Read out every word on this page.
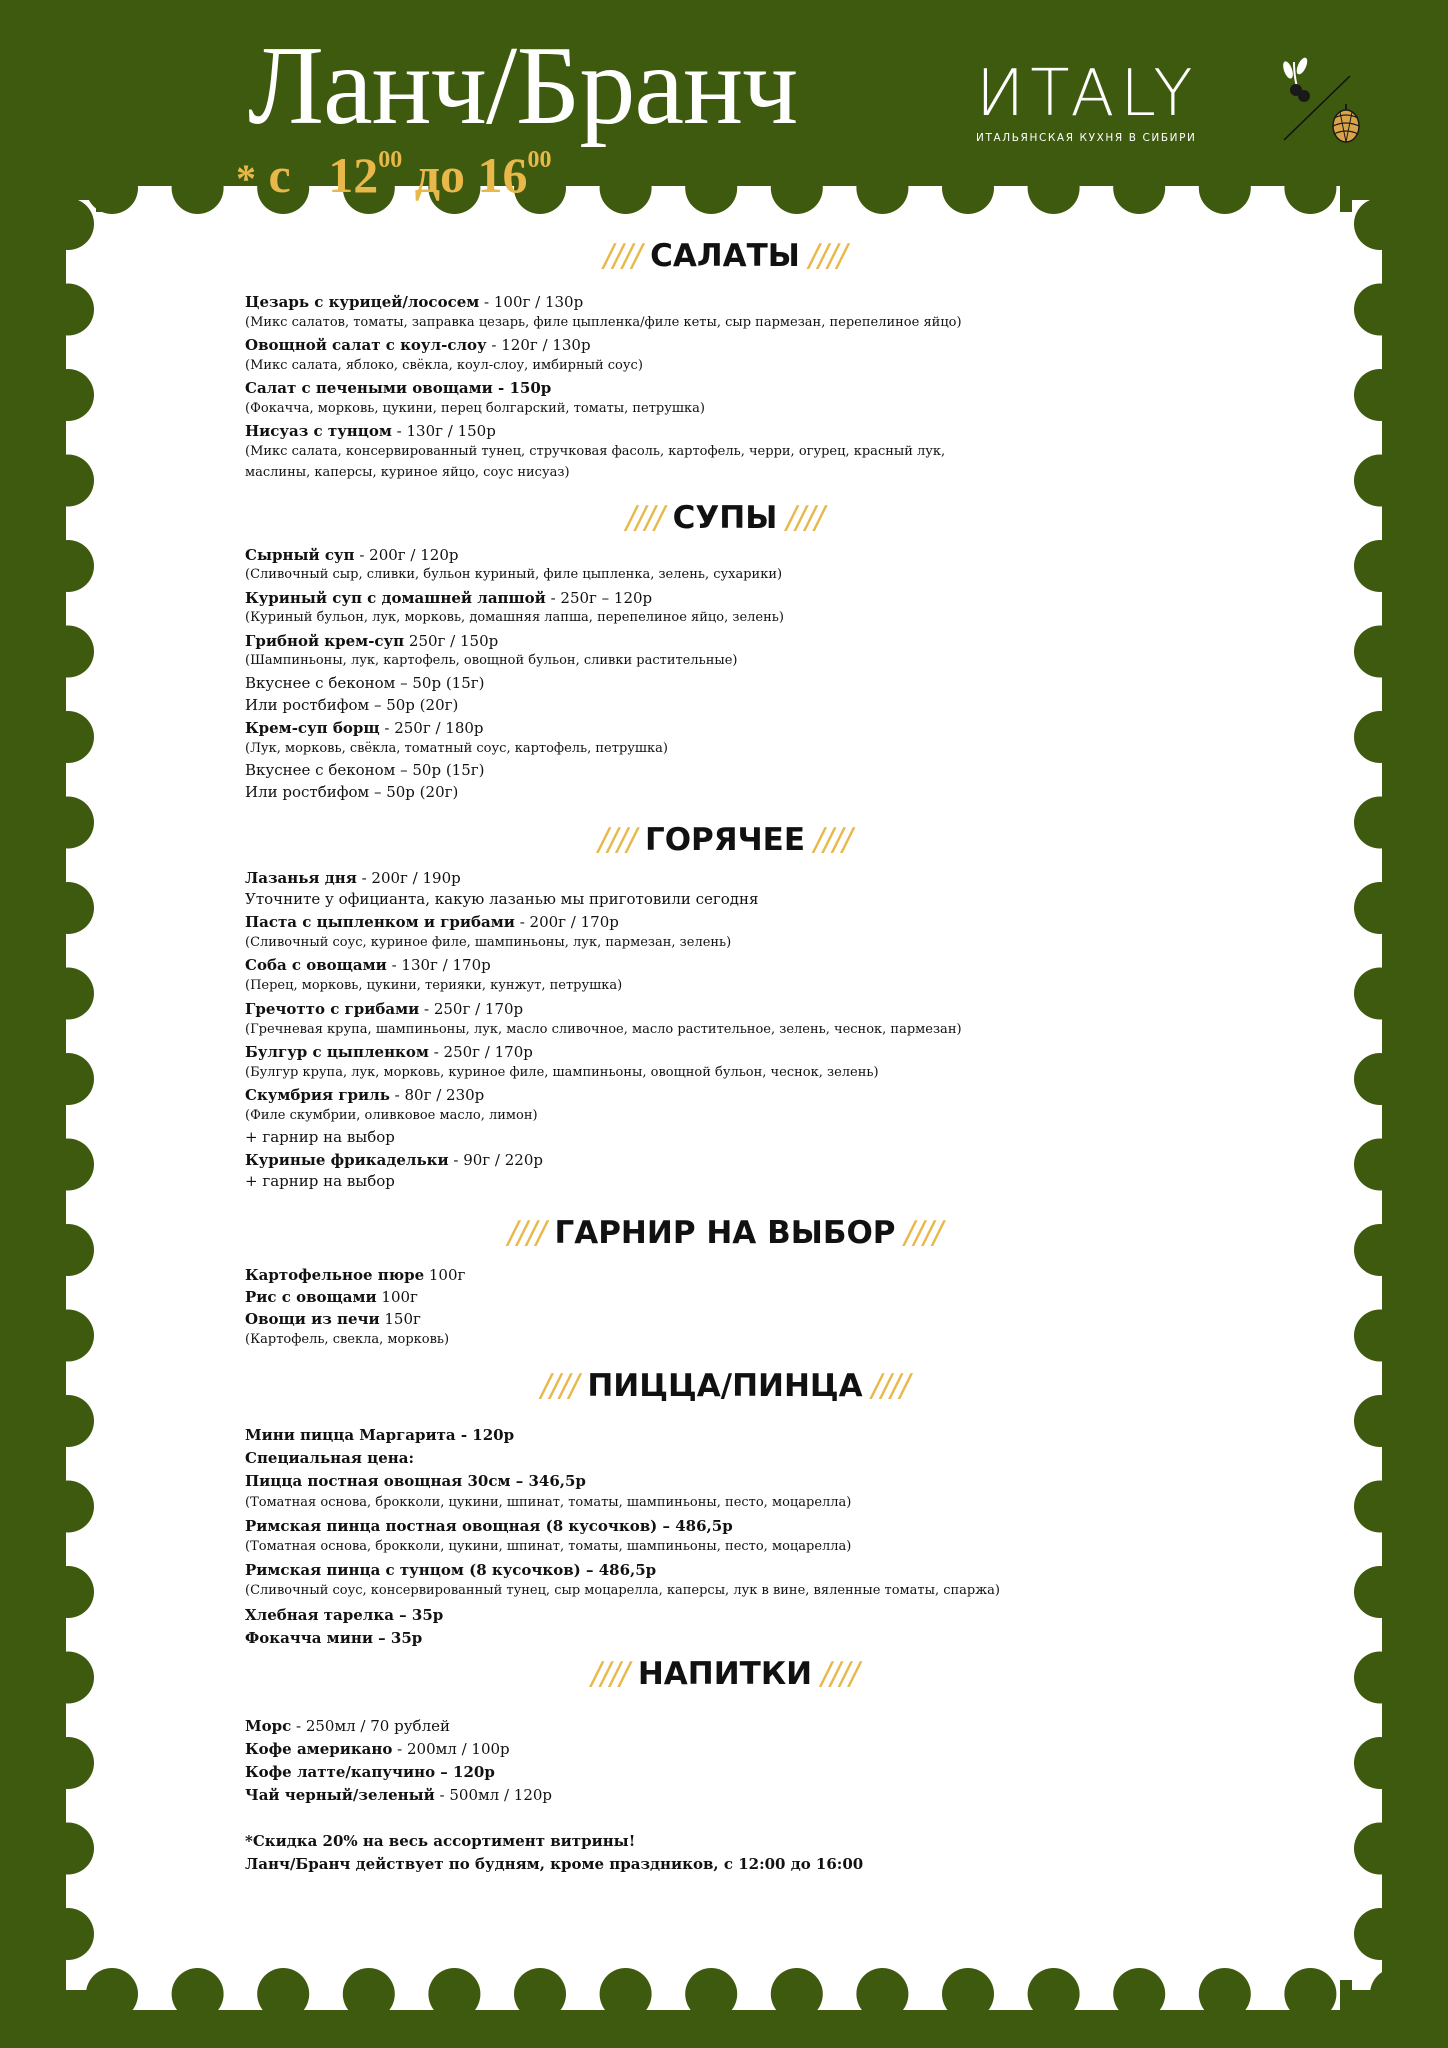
Ланч/Бранч
* с $12^{00}$ до $16^{00}$
ИTALY
ИТАЛЬЯНСКАЯ КУХНЯ В СИБИРИ
//// САЛАТЫ ////
Цезарь с курицей/лососем - 100г / 130р
(Микс салатов, томаты, заправка цезарь, филе цыпленка/филе кеты, сыр пармезан, перепелиное яйцо)
Овощной салат с коул-слоу - 120г / 130р
(Микс салата, яблоко, свёкла, коул-слоу, имбирный соус)
Салат с печеными овощами - 150р
(Фокачча, морковь, цукини, перец болгарский, томаты, петрушка)
Нисуаз с тунцом - 130г / 150р
(Микс салата, консервированный тунец, стручковая фасоль, картофель, черри, огурец, красный лук,
маслины, каперсы, куриное яйцо, соус нисуаз)
//// СУПЫ ////
Сырный суп - 200г / 120р
(Сливочный сыр, сливки, бульон куриный, филе цыпленка, зелень, сухарики)
Куриный суп с домашней лапшой - 250г – 120р
(Куриный бульон, лук, морковь, домашняя лапша, перепелиное яйцо, зелень)
Грибной крем-суп 250г / 150р
(Шампиньоны, лук, картофель, овощной бульон, сливки растительные)
Вкуснее с беконом – 50р (15г)
Или ростбифом – 50р (20г)
Крем-суп борщ - 250г / 180р
(Лук, морковь, свёкла, томатный соус, картофель, петрушка)
Вкуснее с беконом – 50р (15г)
Или ростбифом – 50р (20г)
//// ГОРЯЧЕЕ ////
Лазанья дня - 200г / 190р
Уточните у официанта, какую лазанью мы приготовили сегодня
Паста с цыпленком и грибами - 200г / 170р
(Сливочный соус, куриное филе, шампиньоны, лук, пармезан, зелень)
Соба с овощами - 130г / 170р
(Перец, морковь, цукини, терияки, кунжут, петрушка)
Гречотто с грибами - 250г / 170р
(Гречневая крупа, шампиньоны, лук, масло сливочное, масло растительное, зелень, чеснок, пармезан)
Булгур с цыпленком - 250г / 170р
(Булгур крупа, лук, морковь, куриное филе, шампиньоны, овощной бульон, чеснок, зелень)
Скумбрия гриль - 80г / 230р
(Филе скумбрии, оливковое масло, лимон)
+ гарнир на выбор
Куриные фрикадельки - 90г / 220р
+ гарнир на выбор
//// ГАРНИР НА ВЫБОР ////
Картофельное пюре 100г
Рис с овощами 100г
Овощи из печи 150г
(Картофель, свекла, морковь)
//// ПИЦЦА/ПИНЦА ////
Мини пицца Маргарита - 120р
Специальная цена:
Пицца постная овощная 30см – 346,5р
(Томатная основа, брокколи, цукини, шпинат, томаты, шампиньоны, песто, моцарелла)
Римская пинца постная овощная (8 кусочков) – 486,5р
(Томатная основа, брокколи, цукини, шпинат, томаты, шампиньоны, песто, моцарелла)
Римская пинца с тунцом (8 кусочков) – 486,5р
(Сливочный соус, консервированный тунец, сыр моцарелла, каперсы, лук в вине, вяленные томаты, спаржа)
Хлебная тарелка – 35р
Фокачча мини – 35р
//// НАПИТКИ ////
Морс - 250мл / 70 рублей
Кофе американо - 200мл / 100р
Кофе латте/капучино – 120р
Чай черный/зеленый - 500мл / 120р
*Скидка 20% на весь ассортимент витрины!
Ланч/Бранч действует по будням, кроме праздников, с 12:00 до 16:00
